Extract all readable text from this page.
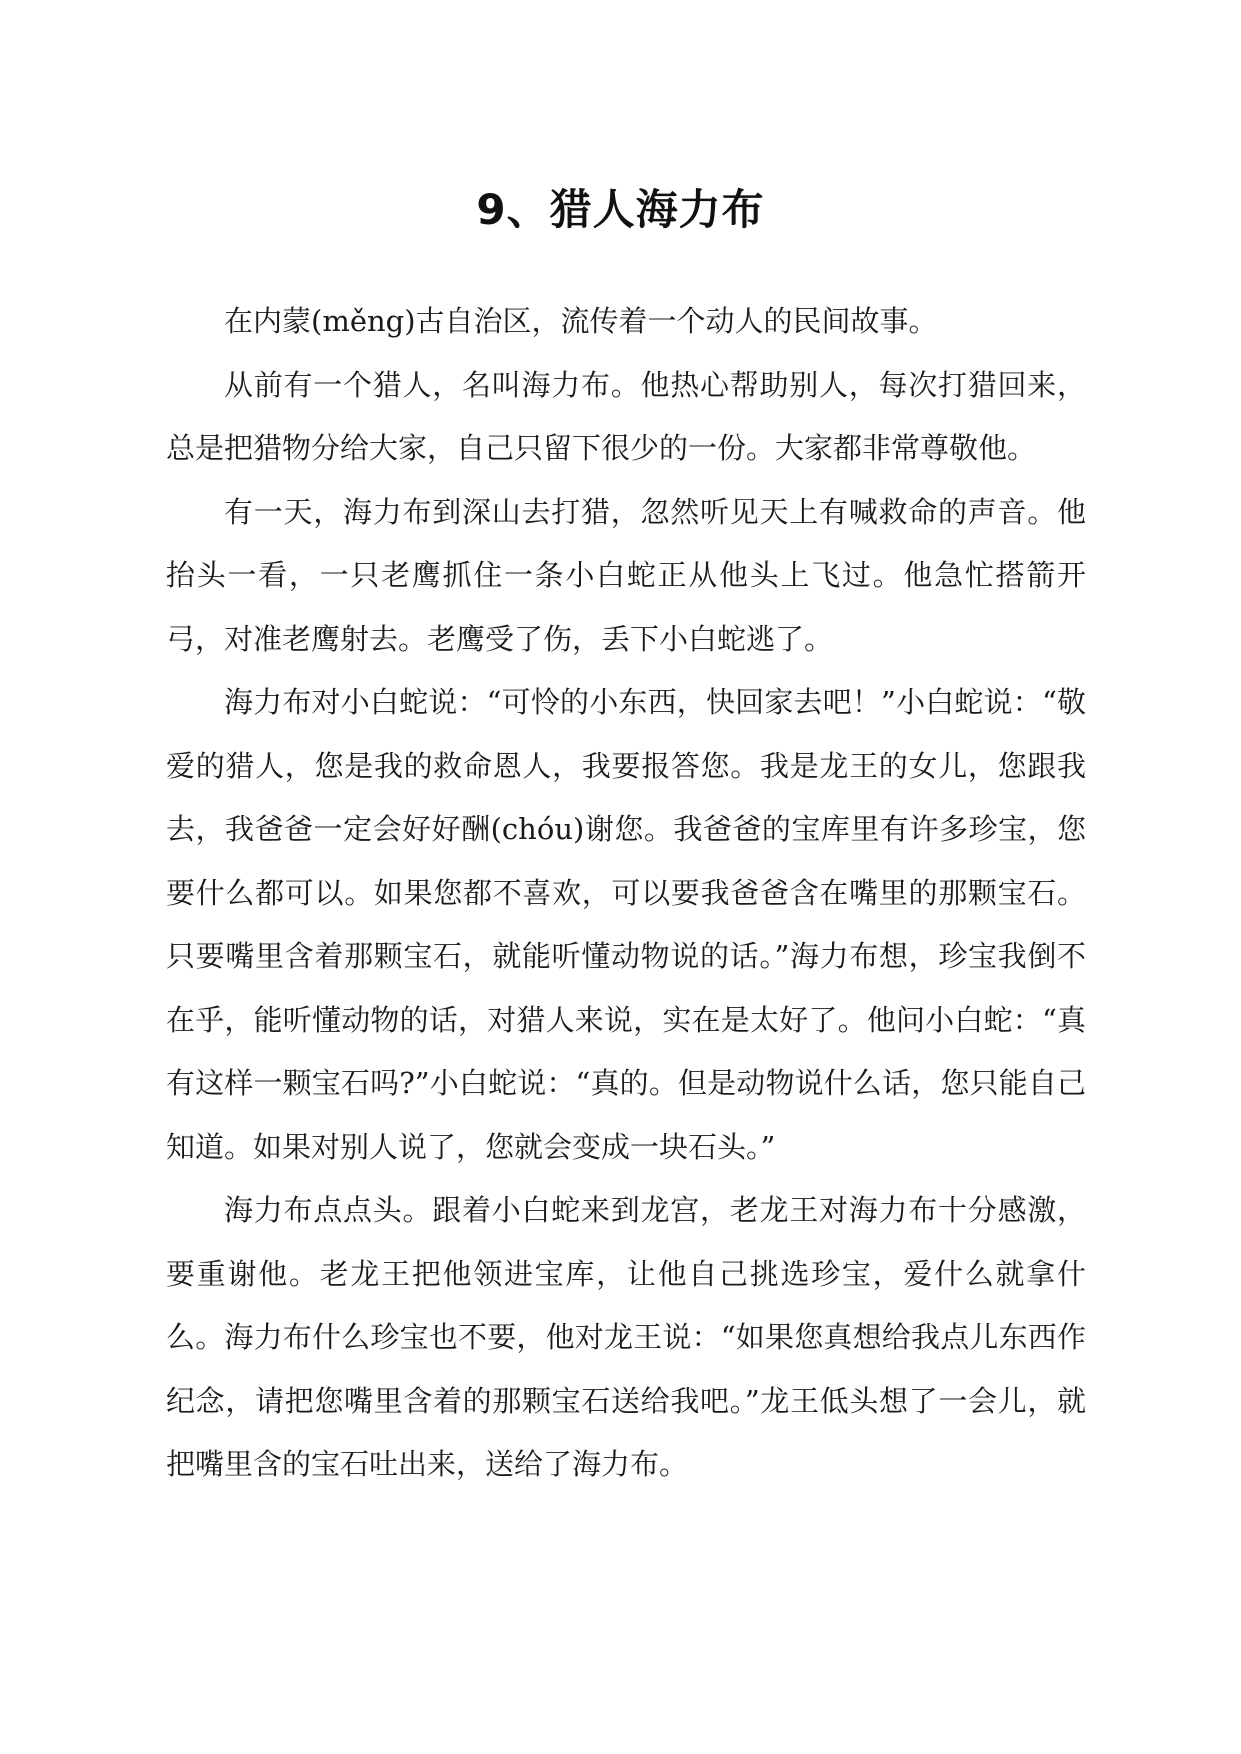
9、猎人海力布

在内蒙(měng)古自治区，流传着一个动人的民间故事。

从前有一个猎人，名叫海力布。他热心帮助别人，每次打猎回来，总是把猎物分给大家，自己只留下很少的一份。大家都非常尊敬他。

有一天，海力布到深山去打猎，忽然听见天上有喊救命的声音。他抬头一看，一只老鹰抓住一条小白蛇正从他头上飞过。他急忙搭箭开弓，对准老鹰射去。老鹰受了伤，丢下小白蛇逃了。

海力布对小白蛇说：“可怜的小东西，快回家去吧！”小白蛇说：“敬爱的猎人，您是我的救命恩人，我要报答您。我是龙王的女儿，您跟我去，我爸爸一定会好好酬(chóu)谢您。我爸爸的宝库里有许多珍宝，您要什么都可以。如果您都不喜欢，可以要我爸爸含在嘴里的那颗宝石。只要嘴里含着那颗宝石，就能听懂动物说的话。”海力布想，珍宝我倒不在乎，能听懂动物的话，对猎人来说，实在是太好了。他问小白蛇：“真有这样一颗宝石吗?”小白蛇说：“真的。但是动物说什么话，您只能自己知道。如果对别人说了，您就会变成一块石头。”

海力布点点头。跟着小白蛇来到龙宫，老龙王对海力布十分感激，要重谢他。老龙王把他领进宝库，让他自己挑选珍宝，爱什么就拿什么。海力布什么珍宝也不要，他对龙王说：“如果您真想给我点儿东西作纪念，请把您嘴里含着的那颗宝石送给我吧。”龙王低头想了一会儿，就把嘴里含的宝石吐出来，送给了海力布。
